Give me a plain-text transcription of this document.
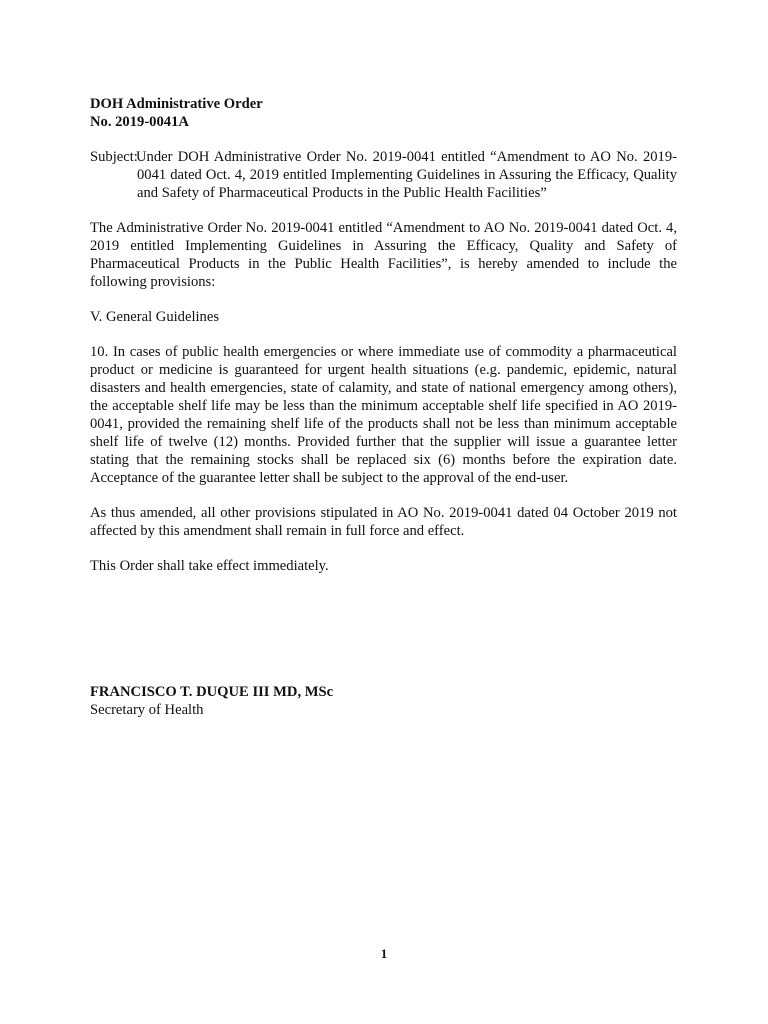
DOH Administrative Order
No. 2019-0041A
Subject:
Under DOH Administrative Order No. 2019-0041 entitled “Amendment to AO No. 2019-0041 dated Oct. 4, 2019 entitled Implementing Guidelines in Assuring the Efficacy, Quality and Safety of Pharmaceutical Products in the Public Health Facilities”

The Administrative Order No. 2019-0041 entitled “Amendment to AO No. 2019-0041 dated Oct. 4, 2019 entitled Implementing Guidelines in Assuring the Efficacy, Quality and Safety of Pharmaceutical Products in the Public Health Facilities”, is hereby amended to include the following provisions:

V. General Guidelines

10. In cases of public health emergencies or where immediate use of commodity a pharmaceutical product or medicine is guaranteed for urgent health situations (e.g. pandemic, epidemic, natural disasters and health emergencies, state of calamity, and state of national emergency among others), the acceptable shelf life may be less than the minimum acceptable shelf life specified in AO 2019-0041, provided the remaining shelf life of the products shall not be less than minimum acceptable shelf life of twelve (12) months. Provided further that the supplier will issue a guarantee letter stating that the remaining stocks shall be replaced six (6) months before the expiration date. Acceptance of the guarantee letter shall be subject to the approval of the end-user.

As thus amended, all other provisions stipulated in AO No. 2019-0041 dated 04 October 2019 not affected by this amendment shall remain in full force and effect.

This Order shall take effect immediately.

FRANCISCO T. DUQUE III MD, MSc
Secretary of Health
1
